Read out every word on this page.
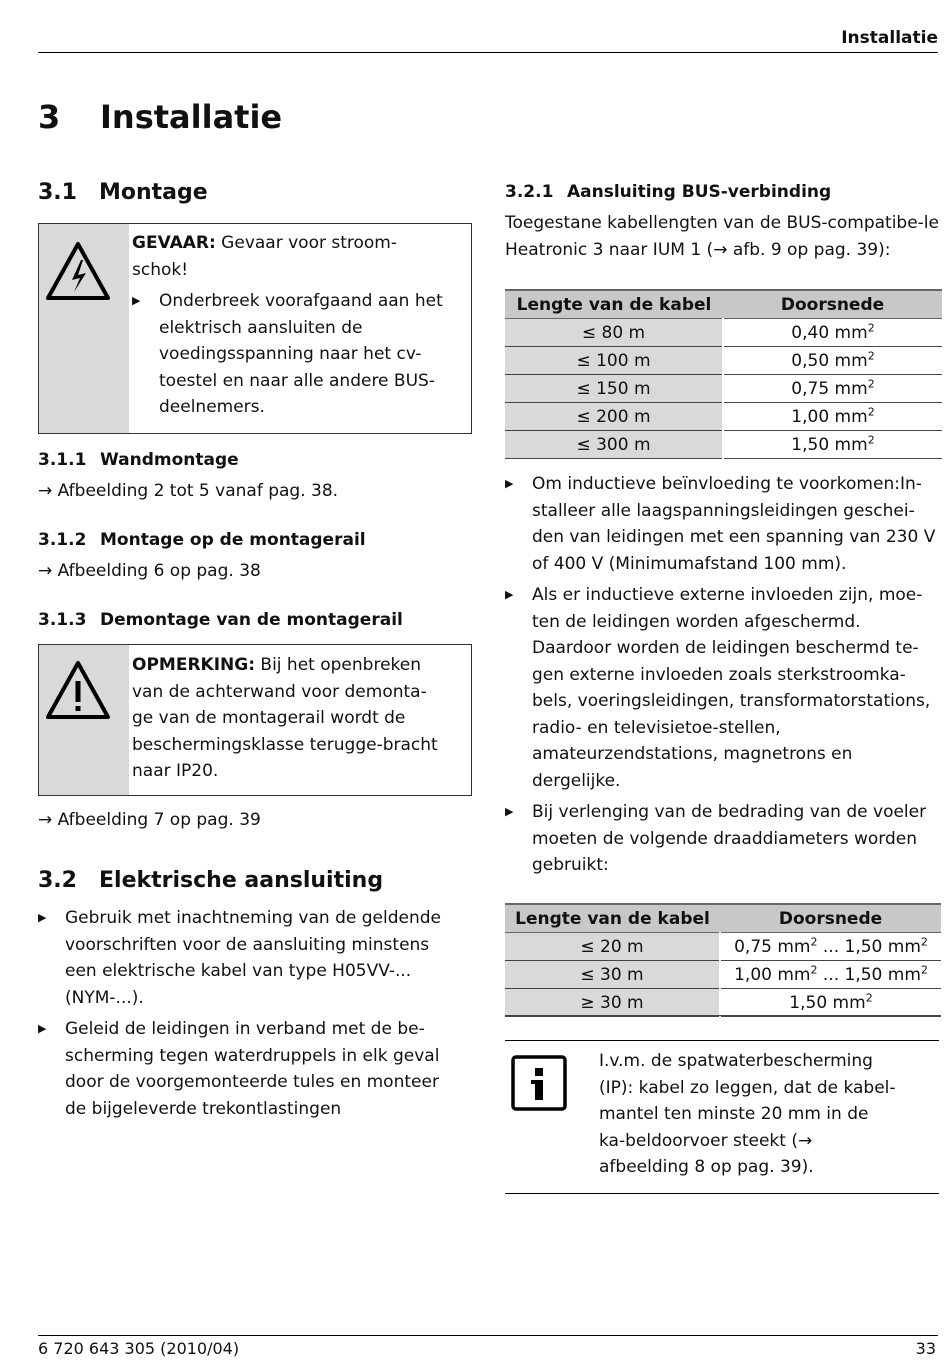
Installatie
3 Installatie
3.1 Montage
GEVAAR: Gevaar voor stroom-
schok!
▶ Onderbreek voorafgaand aan het elektrisch aansluiten de voedingsspanning naar het cv-toestel en naar alle andere BUS-deelnemers.
3.1.1 Wandmontage
→ Afbeelding 2 tot 5 vanaf pag. 38.
3.1.2 Montage op de montagerail
→ Afbeelding 6 op pag. 38
3.1.3 Demontage van de montagerail
OPMERKING: Bij het openbreken van de achterwand voor demonta-ge van de montagerail wordt de beschermingsklasse terugge-bracht naar IP20.
→ Afbeelding 7 op pag. 39
3.2 Elektrische aansluiting
▶ Gebruik met inachtneming van de geldende voorschriften voor de aansluiting minstens een elektrische kabel van type H05VV-... (NYM-...).
▶ Geleid de leidingen in verband met de be-scherming tegen waterdruppels in elk geval door de voorgemonteerde tules en monteer de bijgeleverde trekontlastingen
3.2.1 Aansluiting BUS-verbinding
Toegestane kabellengten van de BUS-compatibe-le Heatronic 3 naar IUM 1 (→ afb. 9 op pag. 39):
Lengte van de kabel	Doorsnede
≤ 80 m	0,40 $mm^2$
≤ 100 m	0,50 $mm^2$
≤ 150 m	0,75 $mm^2$
≤ 200 m	1,00 $mm^2$
≤ 300 m	1,50 $mm^2$
▶ Om inductieve beïnvloeding te voorkomen:In-stalleer alle laagspanningsleidingen geschei-den van leidingen met een spanning van 230 V of 400 V (Minimumafstand 100 mm).
▶ Als er inductieve externe invloeden zijn, moe-ten de leidingen worden afgeschermd. Daardoor worden de leidingen beschermd te-gen externe invloeden zoals sterkstroomka-bels, voeringsleidingen, transformatorstations, radio- en televisietoe-stellen, amateurzendstations, magnetrons en dergelijke.
▶ Bij verlenging van de bedrading van de voeler moeten de volgende draaddiameters worden gebruikt:
Lengte van de kabel	Doorsnede
≤ 20 m	0,75 $mm^2$ ... 1,50 $mm^2$
≤ 30 m	1,00 $mm^2$ ... 1,50 $mm^2$
≥ 30 m	1,50 $mm^2$
I.v.m. de spatwaterbescherming (IP): kabel zo leggen, dat de kabel-mantel ten minste 20 mm in de ka-beldoorvoer steekt (→ afbeelding 8 op pag. 39).
6 720 643 305 (2010/04)	33
